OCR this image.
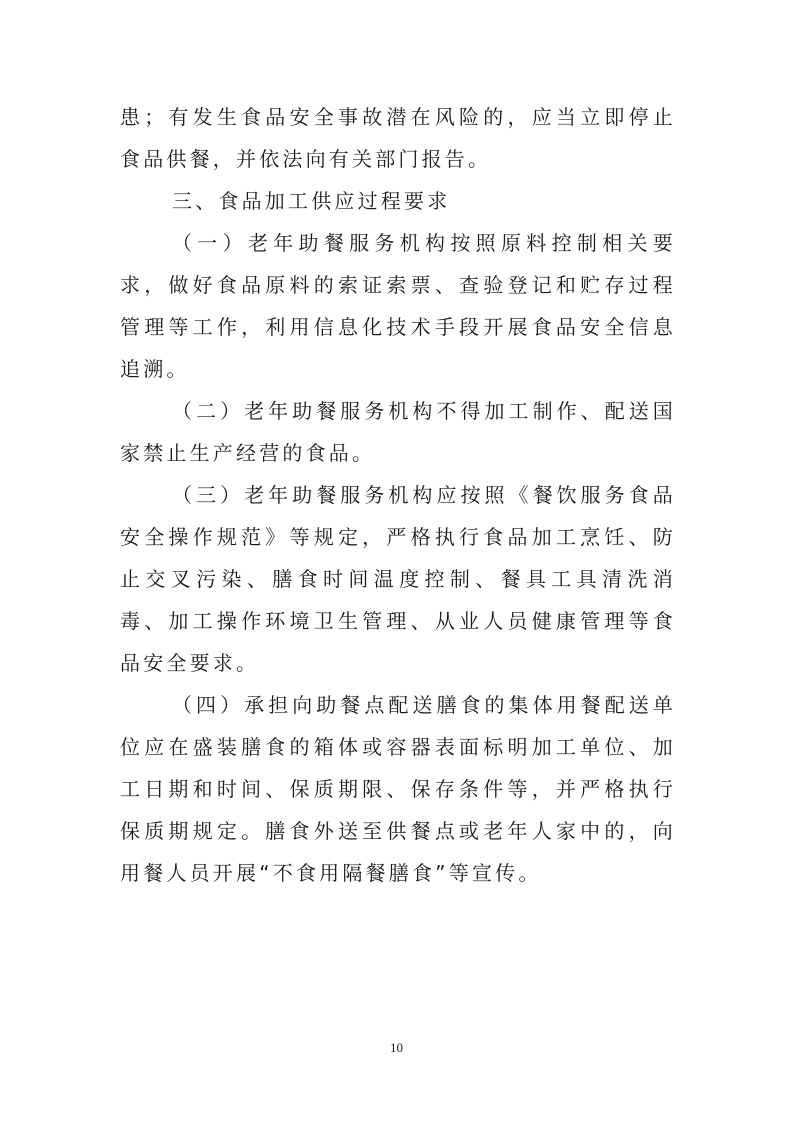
患；有发生食品安全事故潜在风险的，应当立即停止食品供餐，并依法向有关部门报告。

三、食品加工供应过程要求

（一）老年助餐服务机构按照原料控制相关要求，做好食品原料的索证索票、查验登记和贮存过程管理等工作，利用信息化技术手段开展食品安全信息追溯。

（二）老年助餐服务机构不得加工制作、配送国家禁止生产经营的食品。

（三）老年助餐服务机构应按照《餐饮服务食品安全操作规范》等规定，严格执行食品加工烹饪、防止交叉污染、膳食时间温度控制、餐具工具清洗消毒、加工操作环境卫生管理、从业人员健康管理等食品安全要求。

（四）承担向助餐点配送膳食的集体用餐配送单位应在盛装膳食的箱体或容器表面标明加工单位、加工日期和时间、保质期限、保存条件等，并严格执行保质期规定。膳食外送至供餐点或老年人家中的，向用餐人员开展“不食用隔餐膳食”等宣传。

10
